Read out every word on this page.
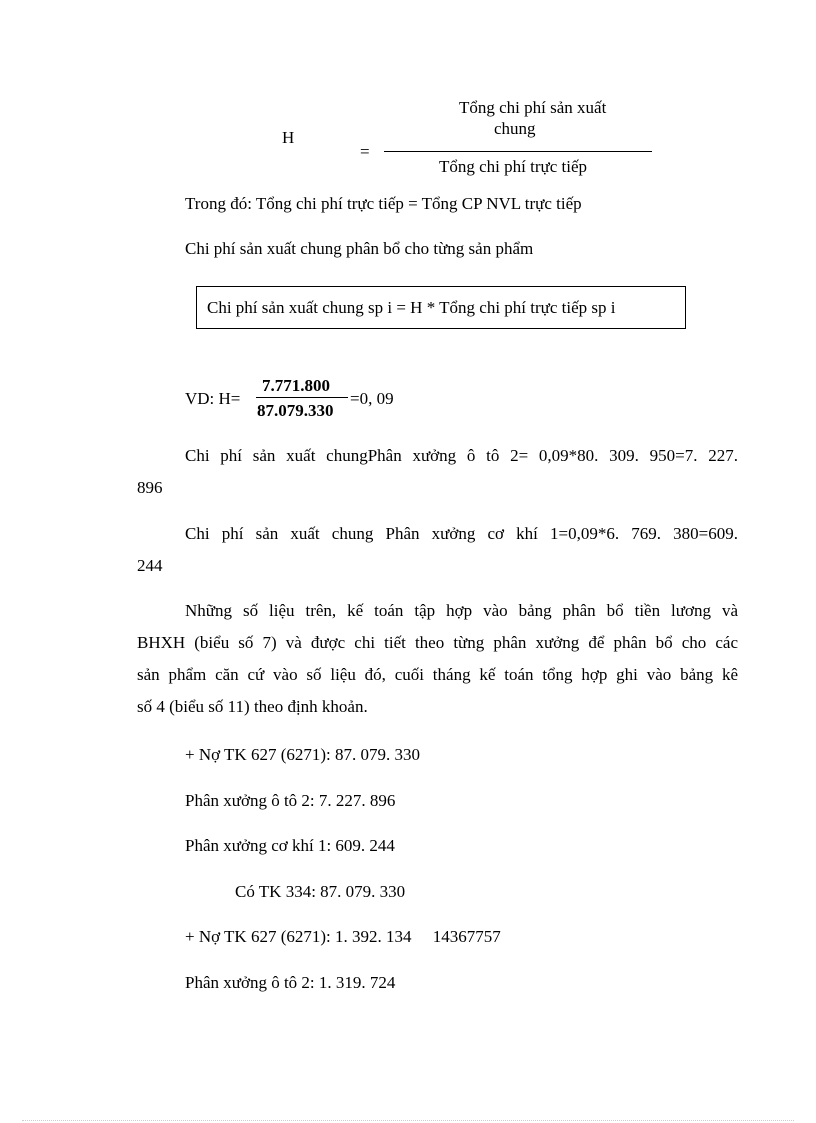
H
=
Tổng chi phí sản xuất
chung
Tổng chi phí trực tiếp
Trong đó: Tổng chi phí trực tiếp = Tổng CP NVL trực tiếp
Chi phí sản xuất chung phân bổ cho từng sản phẩm
Chi phí sản xuất chung sp i = H * Tổng chi phí trực tiếp sp i
VD: H=
7.771.800
87.079.330
=0, 09
Chi phí sản xuất chungPhân xưởng ô tô 2= 0,09*80. 309. 950=7. 227.
896
Chi phí sản xuất chung Phân xưởng cơ khí 1=0,09*6. 769. 380=609.
244
Những số liệu trên, kế toán tập hợp vào bảng phân bổ tiền lương và
BHXH (biểu số 7) và được chi tiết theo từng phân xưởng để phân bổ cho các
sản phẩm căn cứ vào số liệu đó, cuối tháng kế toán tổng hợp ghi vào bảng kê
số 4 (biểu số 11) theo định khoản.
+ Nợ TK 627 (6271): 87. 079. 330
Phân xưởng ô tô 2: 7. 227. 896
Phân xưởng cơ khí 1: 609. 244
Có TK 334: 87. 079. 330
+ Nợ TK 627 (6271): 1. 392. 134     14367757
Phân xưởng ô tô 2: 1. 319. 724
